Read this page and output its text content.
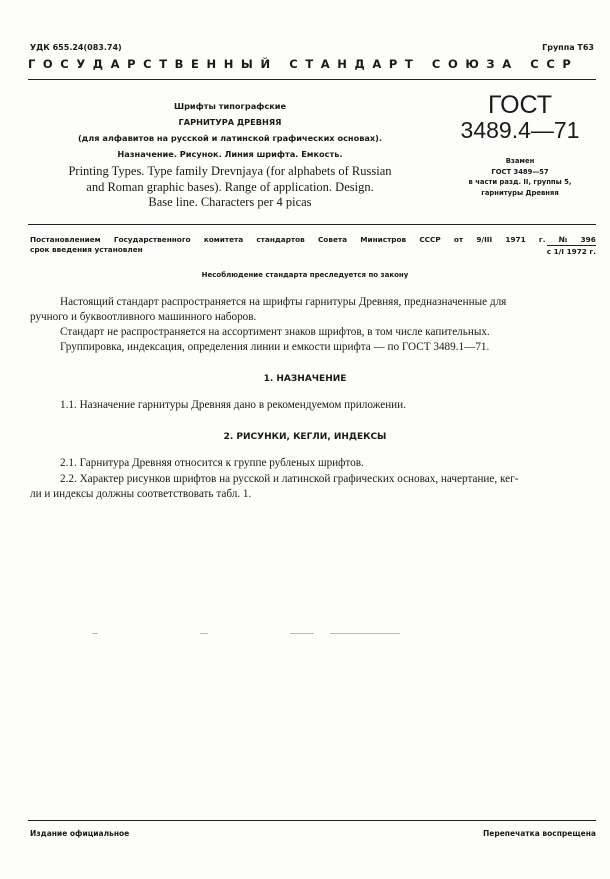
УДК 655.24(083.74)	Группа Т63
ГОСУДАРСТВЕННЫЙ СТАНДАРТ СОЮЗА ССР
Шрифты типографские
ГАРНИТУРА ДРЕВНЯЯ
(для алфавитов на русской и латинской графических основах).
Назначение. Рисунок. Линия шрифта. Емкость.
Printing Types. Type family Drevnjaya (for alphabets of Russian
and Roman graphic bases). Range of application. Design.
Base line. Characters per 4 picas
ГОСТ
3489.4—71
Взамен
ГОСТ 3489—57
в части разд. II, группы 5,
гарнитуры Древняя
Постановлением Государственного комитета стандартов Совета Министров СССР от 9/III 1971 г. № 396
срок введения установлен	с 1/I 1972 г.
Несоблюдение стандарта преследуется по закону
Настоящий стандарт распространяется на шрифты гарнитуры Древняя, предназначенные для
ручного и буквоотливного машинного наборов.
Стандарт не распространяется на ассортимент знаков шрифтов, в том числе капительных.
Группировка, индексация, определения линии и емкости шрифта — по ГОСТ 3489.1—71.
1. НАЗНАЧЕНИЕ
1.1. Назначение гарнитуры Древняя дано в рекомендуемом приложении.
2. РИСУНКИ, КЕГЛИ, ИНДЕКСЫ
2.1. Гарнитура Древняя относится к группе рубленых шрифтов.
2.2. Характер рисунков шрифтов на русской и латинской графических основах, начертание, кег-
ли и индексы должны соответствовать табл. 1.
Издание официальное	Перепечатка воспрещена
